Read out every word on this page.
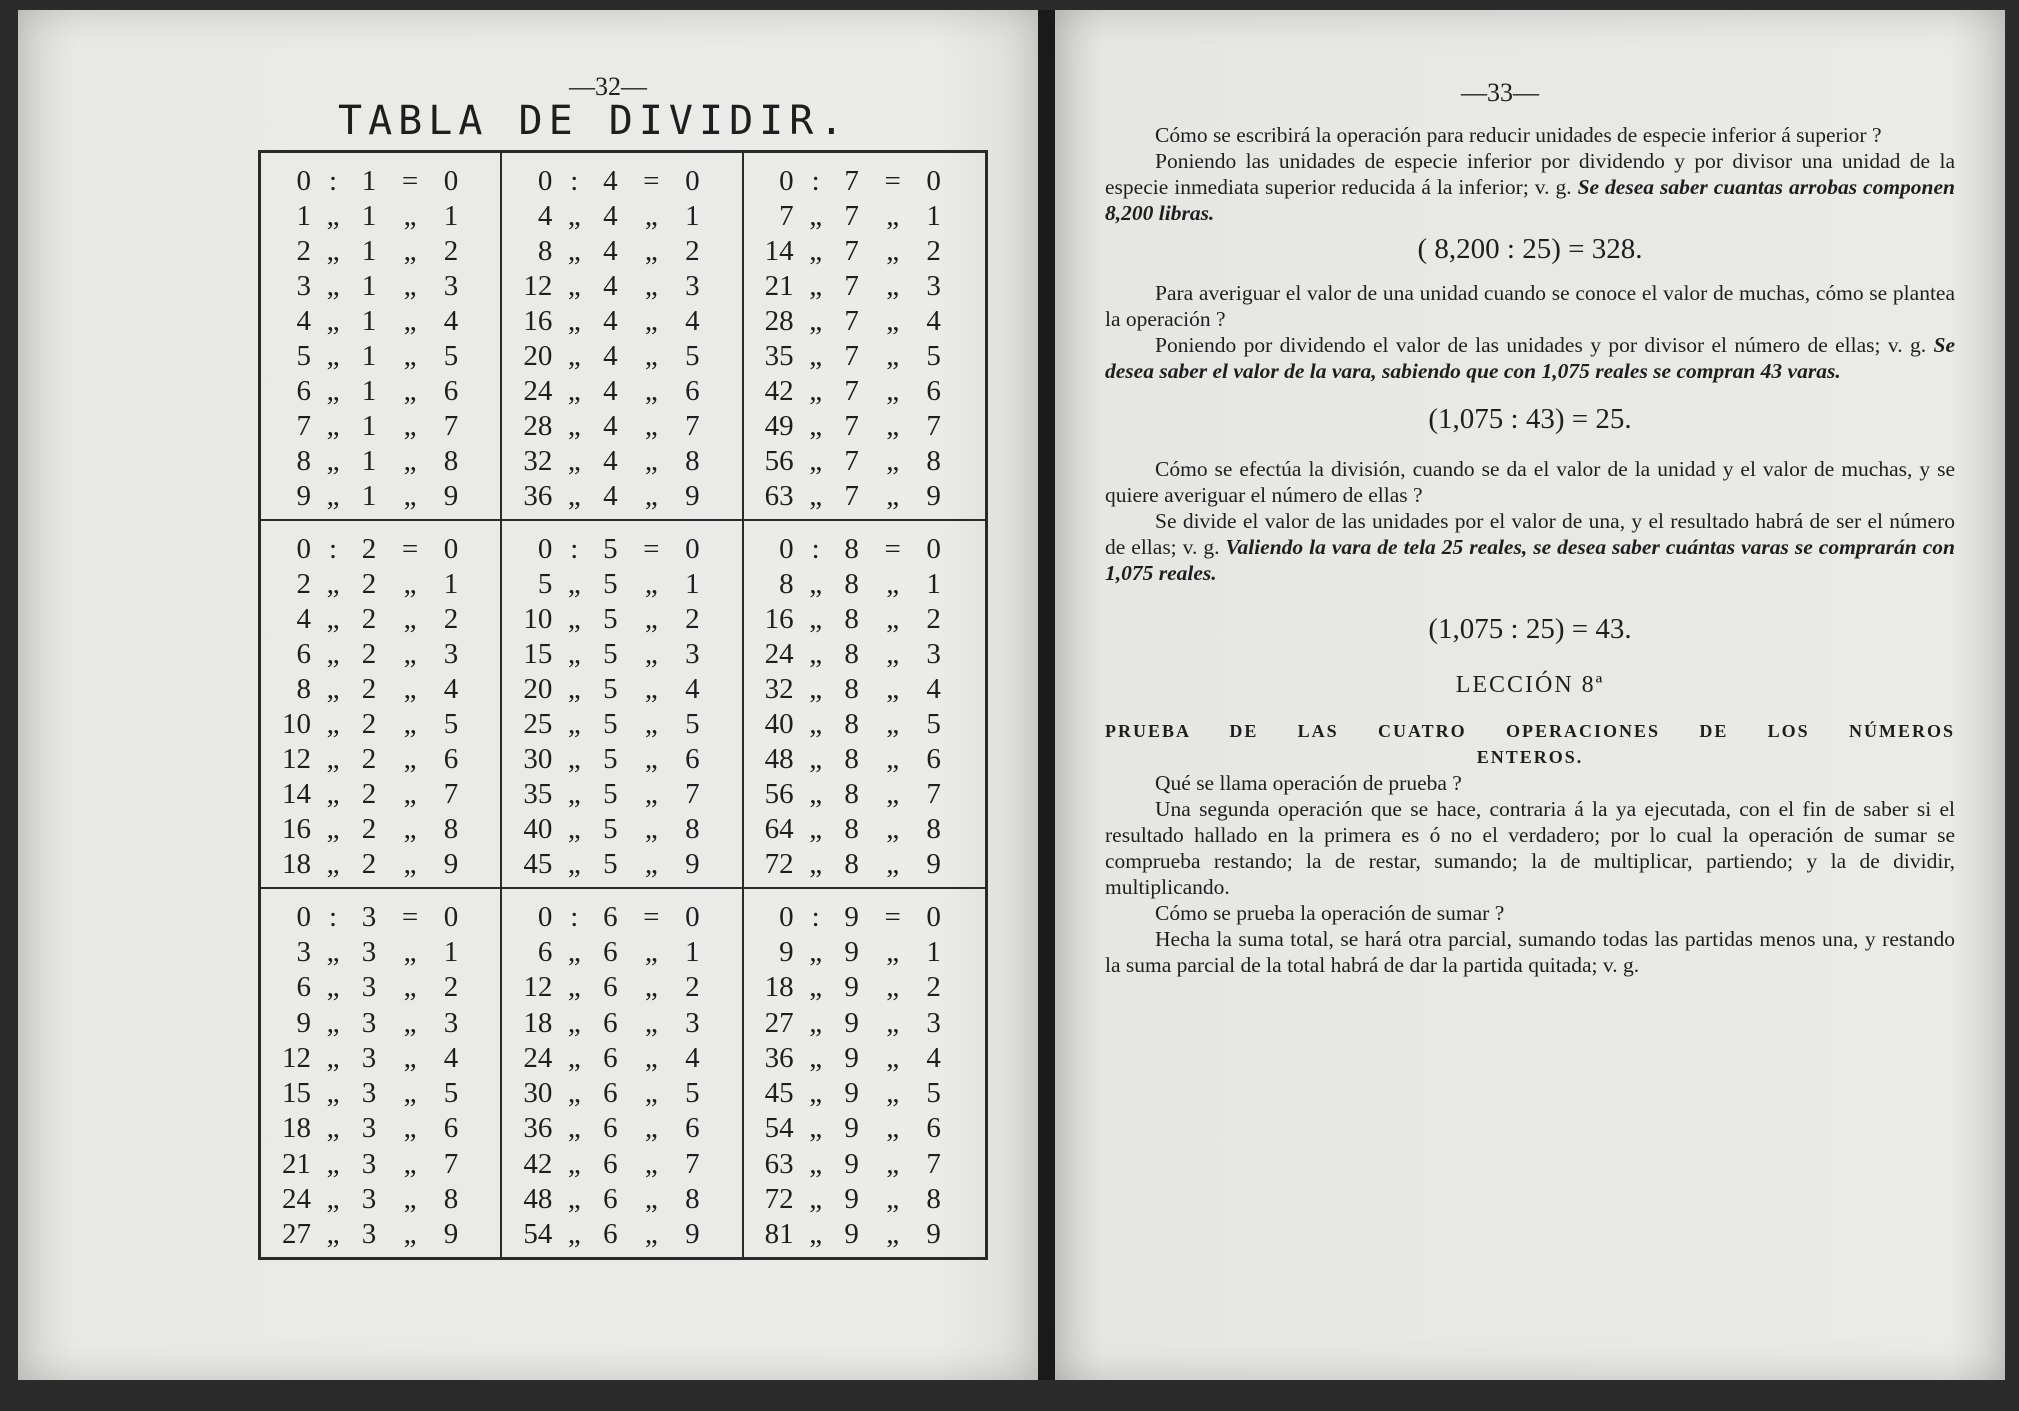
—32—
TABLA DE DIVIDIR.
0 : 1 = 0
1 „ 1 „ 1
2 „ 1 „ 2
3 „ 1 „ 3
4 „ 1 „ 4
5 „ 1 „ 5
6 „ 1 „ 6
7 „ 1 „ 7
8 „ 1 „ 8
9 „ 1 „ 9
0 : 4 = 0
4 „ 4 „ 1
8 „ 4 „ 2
12 „ 4 „ 3
16 „ 4 „ 4
20 „ 4 „ 5
24 „ 4 „ 6
28 „ 4 „ 7
32 „ 4 „ 8
36 „ 4 „ 9
0 : 7 = 0
7 „ 7 „ 1
14 „ 7 „ 2
21 „ 7 „ 3
28 „ 7 „ 4
35 „ 7 „ 5
42 „ 7 „ 6
49 „ 7 „ 7
56 „ 7 „ 8
63 „ 7 „ 9
0 : 2 = 0
2 „ 2 „ 1
4 „ 2 „ 2
6 „ 2 „ 3
8 „ 2 „ 4
10 „ 2 „ 5
12 „ 2 „ 6
14 „ 2 „ 7
16 „ 2 „ 8
18 „ 2 „ 9
0 : 5 = 0
5 „ 5 „ 1
10 „ 5 „ 2
15 „ 5 „ 3
20 „ 5 „ 4
25 „ 5 „ 5
30 „ 5 „ 6
35 „ 5 „ 7
40 „ 5 „ 8
45 „ 5 „ 9
0 : 8 = 0
8 „ 8 „ 1
16 „ 8 „ 2
24 „ 8 „ 3
32 „ 8 „ 4
40 „ 8 „ 5
48 „ 8 „ 6
56 „ 8 „ 7
64 „ 8 „ 8
72 „ 8 „ 9
0 : 3 = 0
3 „ 3 „ 1
6 „ 3 „ 2
9 „ 3 „ 3
12 „ 3 „ 4
15 „ 3 „ 5
18 „ 3 „ 6
21 „ 3 „ 7
24 „ 3 „ 8
27 „ 3 „ 9
0 : 6 = 0
6 „ 6 „ 1
12 „ 6 „ 2
18 „ 6 „ 3
24 „ 6 „ 4
30 „ 6 „ 5
36 „ 6 „ 6
42 „ 6 „ 7
48 „ 6 „ 8
54 „ 6 „ 9
0 : 9 = 0
9 „ 9 „ 1
18 „ 9 „ 2
27 „ 9 „ 3
36 „ 9 „ 4
45 „ 9 „ 5
54 „ 9 „ 6
63 „ 9 „ 7
72 „ 9 „ 8
81 „ 9 „ 9
—33—

Cómo se escribirá la operación para reducir unidades de especie inferior á superior ?

Poniendo las unidades de especie inferior por dividendo y por divisor una unidad de la especie inmediata superior reducida á la inferior; v. g. Se desea saber cuantas arrobas componen 8,200 libras.

( 8,200 : 25) = 328.

Para averiguar el valor de una unidad cuando se conoce el valor de muchas, cómo se plantea la operación ?

Poniendo por dividendo el valor de las unidades y por divisor el número de ellas; v. g. Se desea saber el valor de la vara, sabiendo que con 1,075 reales se compran 43 varas.

(1,075 : 43) = 25.

Cómo se efectúa la división, cuando se da el valor de la unidad y el valor de muchas, y se quiere averiguar el número de ellas ?

Se divide el valor de las unidades por el valor de una, y el resultado habrá de ser el número de ellas; v. g. Valiendo la vara de tela 25 reales, se desea saber cuántas varas se comprarán con 1,075 reales.

(1,075 : 25) = 43.
LECCIÓN 8ª

PRUEBA DE LAS CUATRO OPERACIONES DE LOS NÚMEROS

ENTEROS.

Qué se llama operación de prueba ?

Una segunda operación que se hace, contraria á la ya ejecutada, con el fin de saber si el resultado hallado en la primera es ó no el verdadero; por lo cual la operación de sumar se comprueba restando; la de restar, sumando; la de multiplicar, partiendo; y la de dividir, multiplicando.

Cómo se prueba la operación de sumar ?

Hecha la suma total, se hará otra parcial, sumando todas las partidas menos una, y restando la suma parcial de la total habrá de dar la partida quitada; v. g.
